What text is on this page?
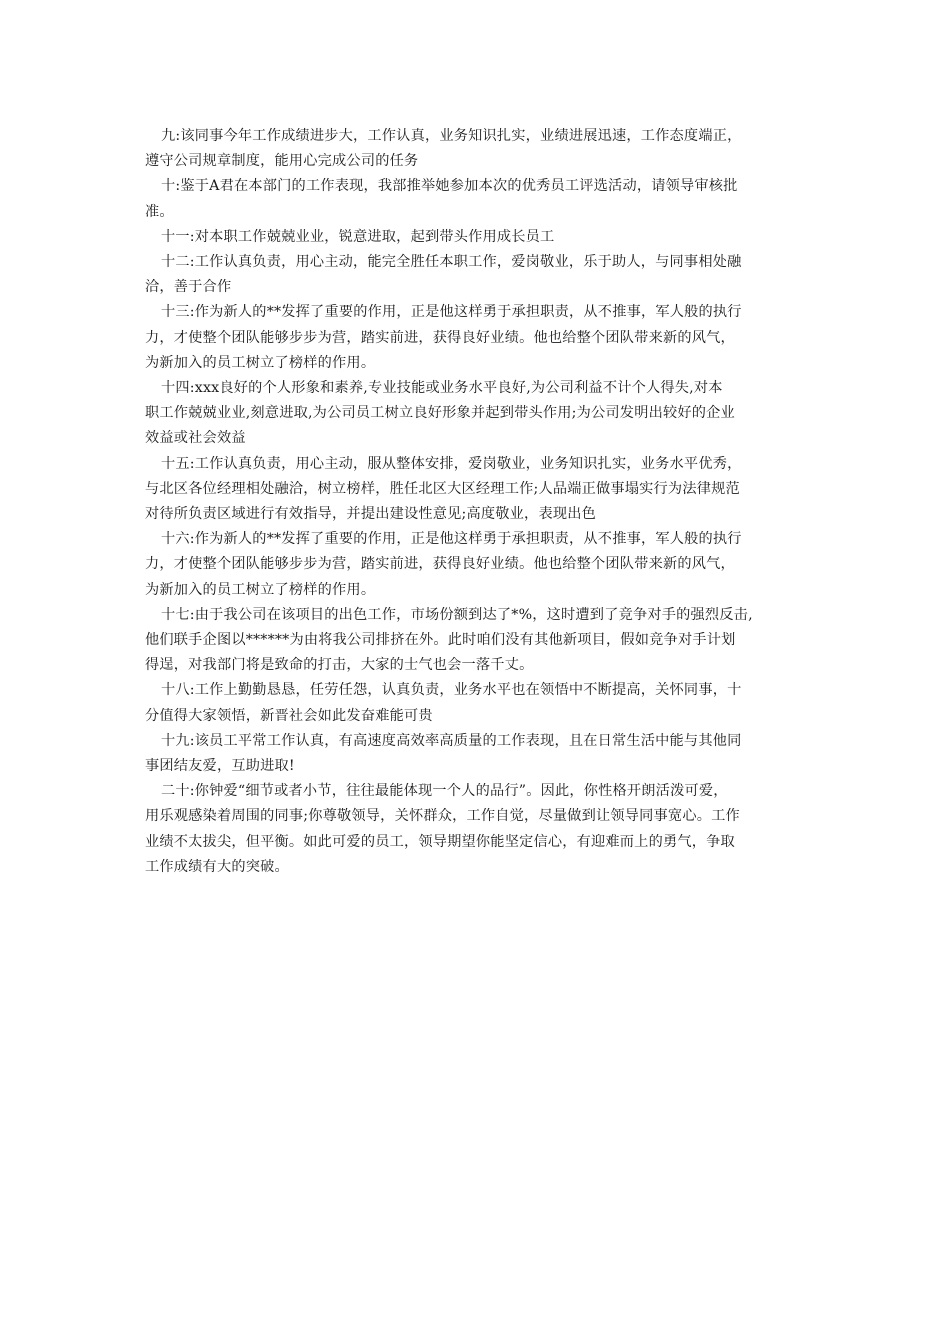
九:该同事今年工作成绩进步大，工作认真，业务知识扎实，业绩进展迅速，工作态度端正，
遵守公司规章制度，能用心完成公司的任务

十:鉴于A君在本部门的工作表现，我部推举她参加本次的优秀员工评选活动，请领导审核批
准。

十一:对本职工作兢兢业业，锐意进取，起到带头作用成长员工

十二:工作认真负责，用心主动，能完全胜任本职工作，爱岗敬业，乐于助人，与同事相处融
洽，善于合作

十三:作为新人的**发挥了重要的作用，正是他这样勇于承担职责，从不推事，军人般的执行
力，才使整个团队能够步步为营，踏实前进，获得良好业绩。他也给整个团队带来新的风气，
为新加入的员工树立了榜样的作用。

十四:xxx良好的个人形象和素养,专业技能或业务水平良好,为公司利益不计个人得失,对本
职工作兢兢业业,刻意进取,为公司员工树立良好形象并起到带头作用;为公司发明出较好的企业
效益或社会效益

十五:工作认真负责，用心主动，服从整体安排，爱岗敬业，业务知识扎实，业务水平优秀，
与北区各位经理相处融洽，树立榜样，胜任北区大区经理工作;人品端正做事塌实行为法律规范
对待所负责区域进行有效指导，并提出建设性意见;高度敬业，表现出色

十六:作为新人的**发挥了重要的作用，正是他这样勇于承担职责，从不推事，军人般的执行
力，才使整个团队能够步步为营，踏实前进，获得良好业绩。他也给整个团队带来新的风气，
为新加入的员工树立了榜样的作用。

十七:由于我公司在该项目的出色工作，市场份额到达了*%，这时遭到了竞争对手的强烈反击,
他们联手企图以******为由将我公司排挤在外。此时咱们没有其他新项目，假如竞争对手计划
得逞，对我部门将是致命的打击，大家的士气也会一落千丈。

十八:工作上勤勤恳恳，任劳任怨，认真负责，业务水平也在领悟中不断提高，关怀同事，十
分值得大家领悟，新晋社会如此发奋难能可贵

十九:该员工平常工作认真，有高速度高效率高质量的工作表现，且在日常生活中能与其他同
事团结友爱，互助进取!

二十:你钟爱“细节或者小节，往往最能体现一个人的品行”。因此，你性格开朗活泼可爱，
用乐观感染着周围的同事;你尊敬领导，关怀群众，工作自觉，尽量做到让领导同事宽心。工作
业绩不太拔尖，但平衡。如此可爱的员工，领导期望你能坚定信心，有迎难而上的勇气，争取
工作成绩有大的突破。
